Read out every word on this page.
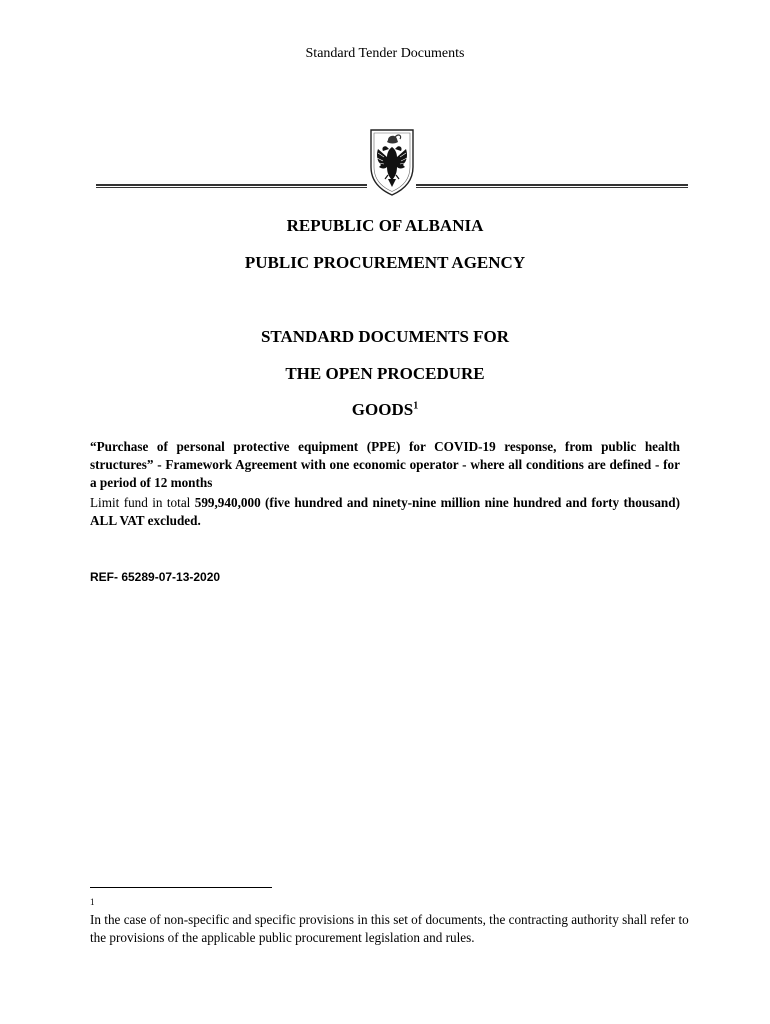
Standard Tender Documents
REPUBLIC OF ALBANIA
PUBLIC PROCUREMENT AGENCY
STANDARD DOCUMENTS FOR
THE OPEN PROCEDURE
GOODS$^1$
“Purchase of personal protective equipment (PPE) for COVID-19 response, from public health structures” - Framework Agreement with one economic operator - where all conditions are defined - for a period of 12 months
Limit fund in total 599,940,000 (five hundred and ninety-nine million nine hundred and forty thousand) ALL VAT excluded.
REF- 65289-07-13-2020
1
In the case of non-specific and specific provisions in this set of documents, the contracting authority shall refer to the provisions of the applicable public procurement legislation and rules.
